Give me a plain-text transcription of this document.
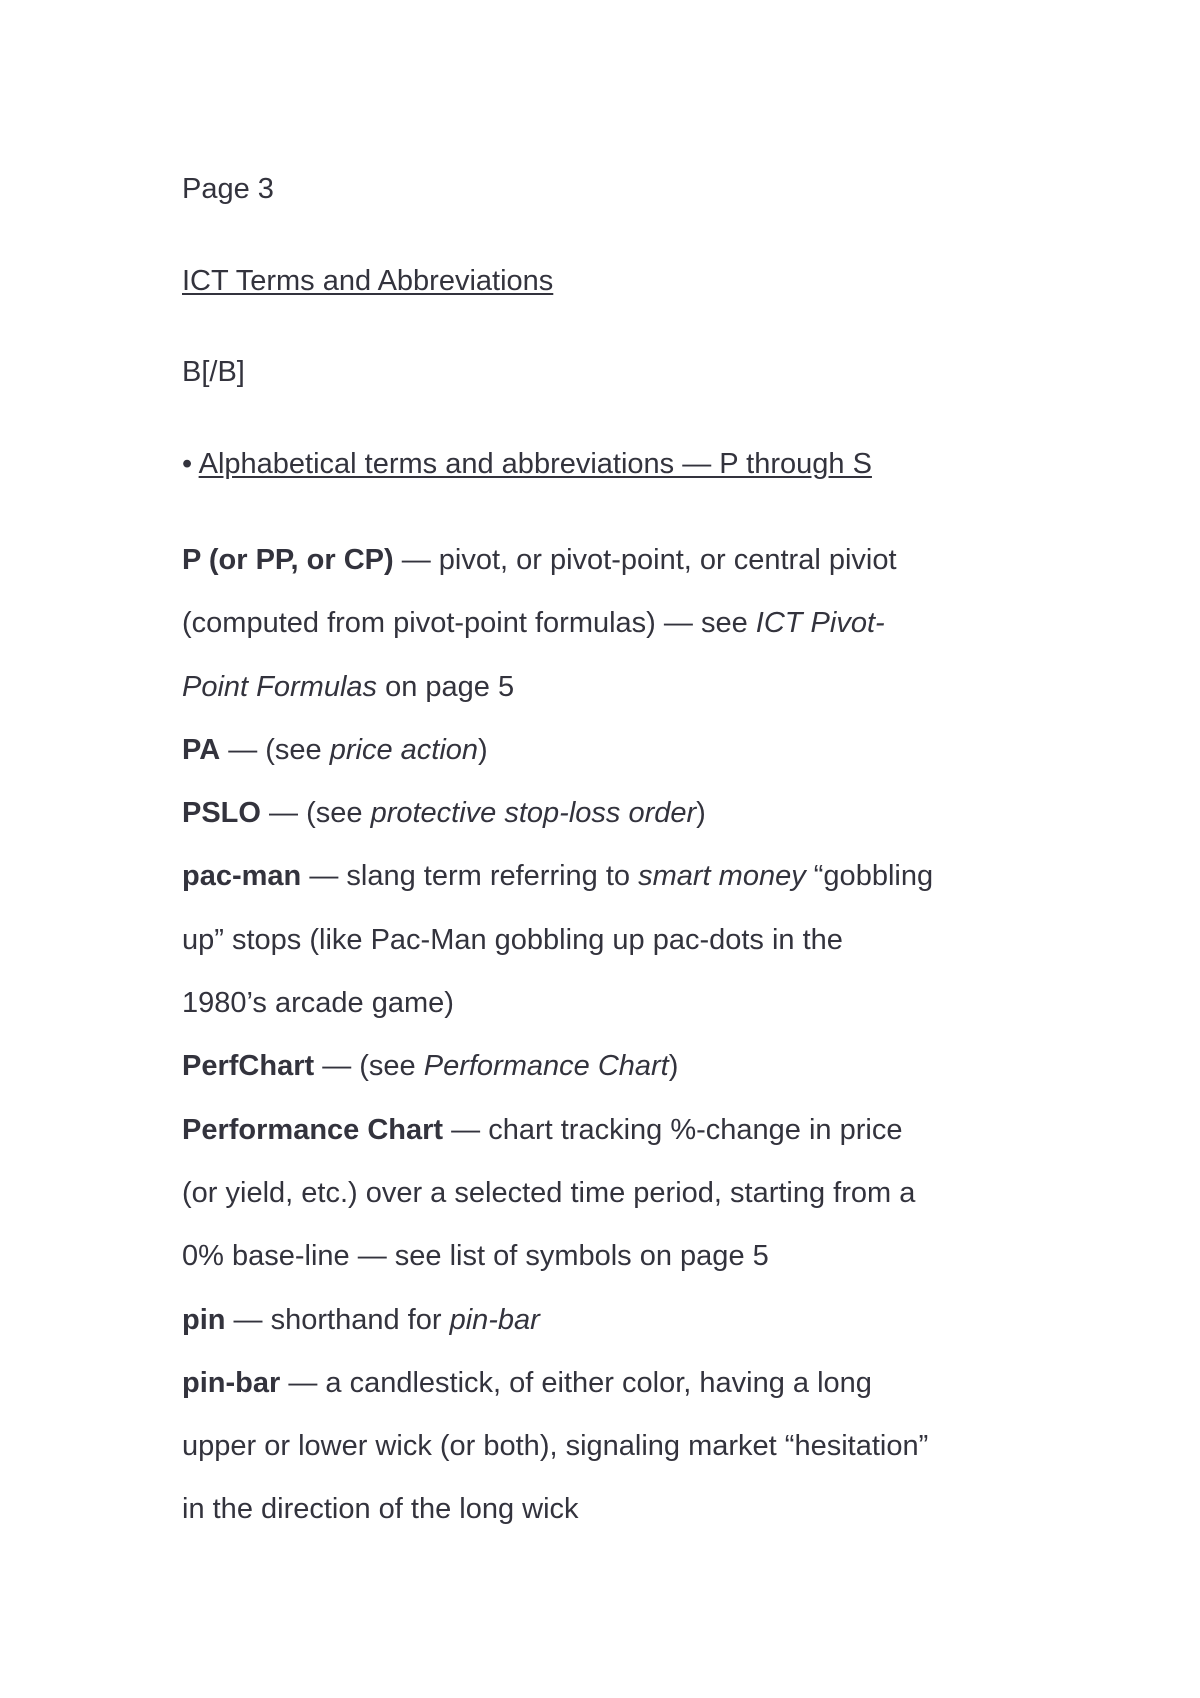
Page 3

ICT Terms and Abbreviations

B[/B]

• Alphabetical terms and abbreviations — P through S

P (or PP, or CP) — pivot, or pivot-point, or central piviot
(computed from pivot-point formulas) — see ICT Pivot-
Point Formulas on page 5
PA — (see price action)
PSLO — (see protective stop-loss order)
pac-man — slang term referring to smart money “gobbling
up” stops (like Pac-Man gobbling up pac-dots in the
1980’s arcade game)
PerfChart — (see Performance Chart)
Performance Chart — chart tracking %-change in price
(or yield, etc.) over a selected time period, starting from a
0% base-line — see list of symbols on page 5
pin — shorthand for pin-bar
pin-bar — a candlestick, of either color, having a long
upper or lower wick (or both), signaling market “hesitation”
in the direction of the long wick
